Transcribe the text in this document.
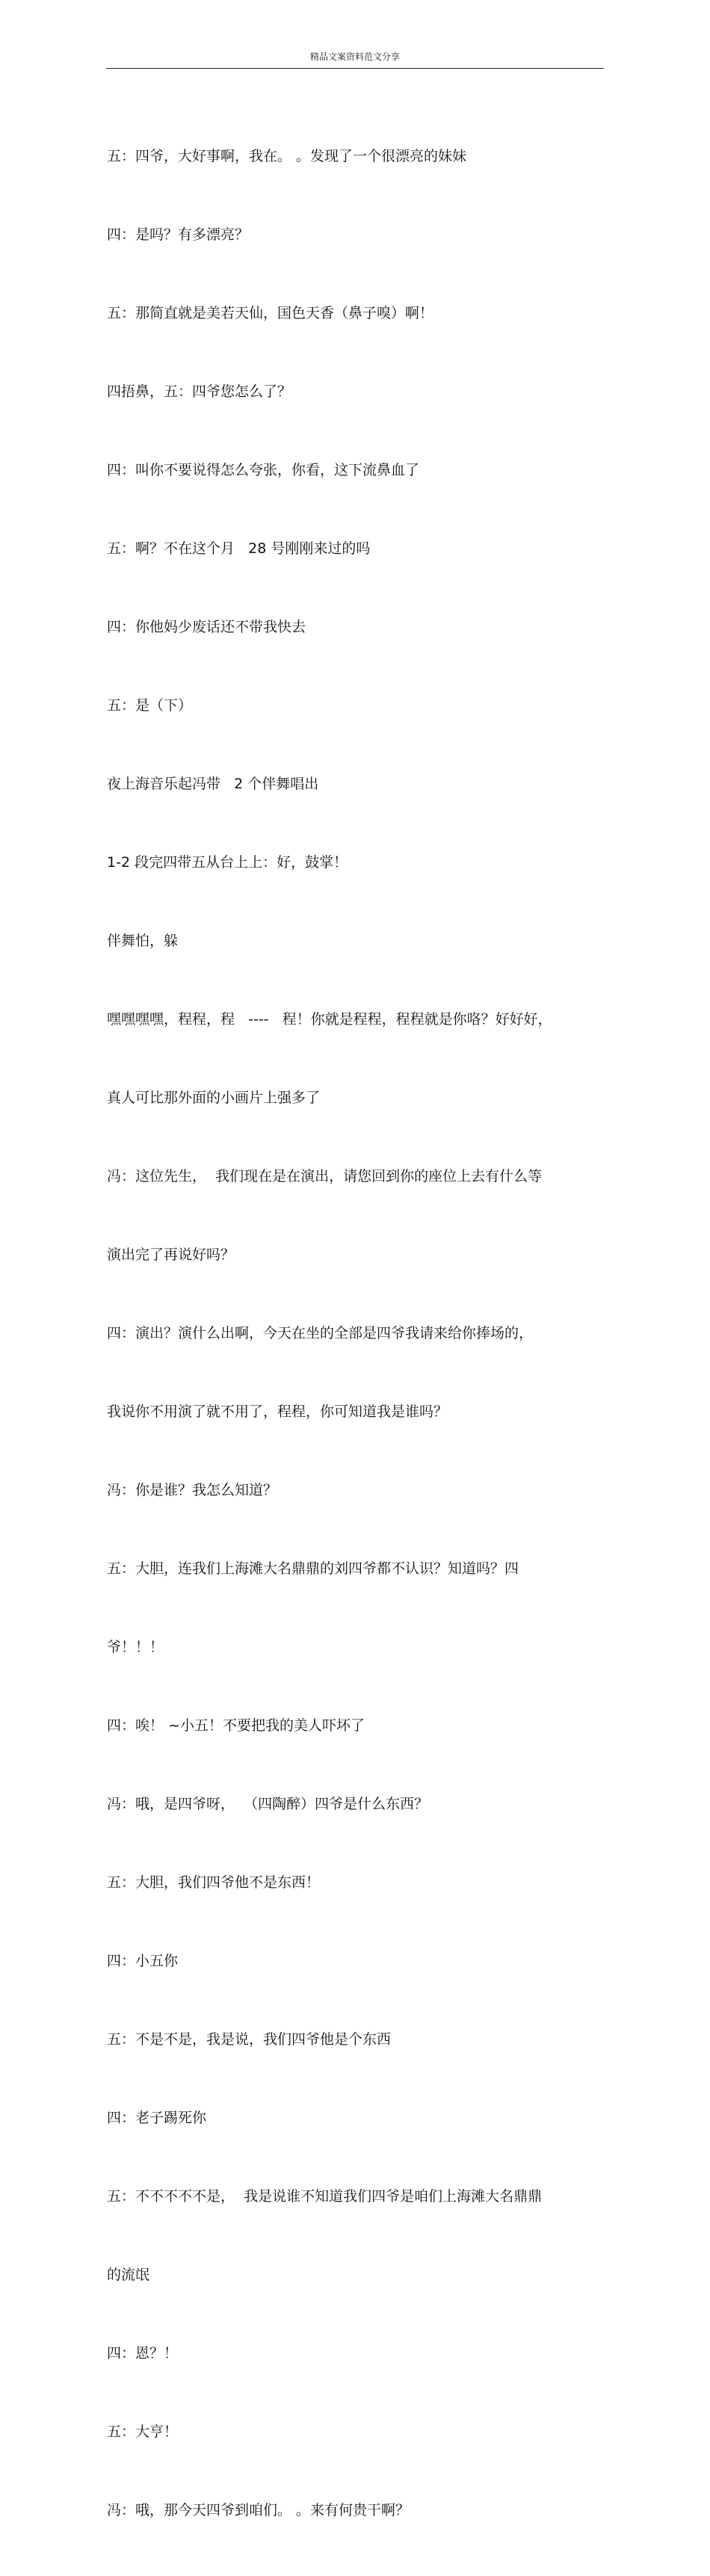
精品文案资料范文分享

五：四爷，大好事啊，我在。 。发现了一个很漂亮的妹妹

四：是吗？有多漂亮？

五：那简直就是美若天仙，国色天香（鼻子嗅）啊！

四捂鼻，五：四爷您怎么了？

四：叫你不要说得怎么夸张，你看，这下流鼻血了

五：啊？不在这个月   28 号刚刚来过的吗

四：你他妈少废话还不带我快去

五：是（下）

夜上海音乐起冯带   2 个伴舞唱出

1-2 段完四带五从台上上：好，鼓掌！

伴舞怕，躲

嘿嘿嘿嘿，程程，程   ----   程！你就是程程，程程就是你咯？好好好，

真人可比那外面的小画片上强多了

冯：这位先生，  我们现在是在演出，请您回到你的座位上去有什么等

演出完了再说好吗？

四：演出？演什么出啊，今天在坐的全部是四爷我请来给你捧场的，

我说你不用演了就不用了，程程，你可知道我是谁吗？

冯：你是谁？我怎么知道？

五：大胆，连我们上海滩大名鼎鼎的刘四爷都不认识？知道吗？四

爷！！！

四：唉！ ~小五！不要把我的美人吓坏了

冯：哦，是四爷呀，  （四陶醉）四爷是什么东西？

五：大胆，我们四爷他不是东西！

四：小五你

五：不是不是，我是说，我们四爷他是个东西

四：老子踢死你

五：不不不不不是，  我是说谁不知道我们四爷是咱们上海滩大名鼎鼎

的流氓

四：恩？！

五：大亨！

冯：哦，那今天四爷到咱们。 。来有何贵干啊？
